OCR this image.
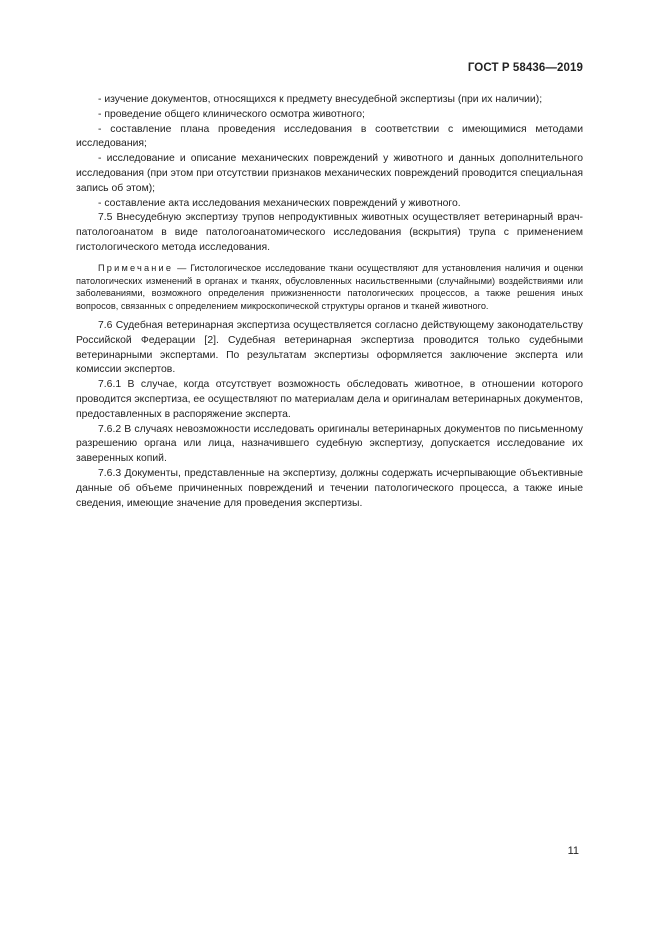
ГОСТ Р 58436—2019

- изучение документов, относящихся к предмету внесудебной экспертизы (при их наличии);

- проведение общего клинического осмотра животного;

- составление плана проведения исследования в соответствии с имеющимися методами исследования;

- исследование и описание механических повреждений у животного и данных дополнительного исследования (при этом при отсутствии признаков механических повреждений проводится специальная запись об этом);

- составление акта исследования механических повреждений у животного.

7.5 Внесудебную экспертизу трупов непродуктивных животных осуществляет ветеринарный врач-патологоанатом в виде патологоанатомического исследования (вскрытия) трупа с применением гистологического метода исследования.

Примечание — Гистологическое исследование ткани осуществляют для установления наличия и оценки патологических изменений в органах и тканях, обусловленных насильственными (случайными) воздействиями или заболеваниями, возможного определения прижизненности патологических процессов, а также решения иных вопросов, связанных с определением микроскопической структуры органов и тканей животного.

7.6 Судебная ветеринарная экспертиза осуществляется согласно действующему законодательству Российской Федерации [2]. Судебная ветеринарная экспертиза проводится только судебными ветеринарными экспертами. По результатам экспертизы оформляется заключение эксперта или комиссии экспертов.

7.6.1 В случае, когда отсутствует возможность обследовать животное, в отношении которого проводится экспертиза, ее осуществляют по материалам дела и оригиналам ветеринарных документов, предоставленных в распоряжение эксперта.

7.6.2 В случаях невозможности исследовать оригиналы ветеринарных документов по письменному разрешению органа или лица, назначившего судебную экспертизу, допускается исследование их заверенных копий.

7.6.3 Документы, представленные на экспертизу, должны содержать исчерпывающие объективные данные об объеме причиненных повреждений и течении патологического процесса, а также иные сведения, имеющие значение для проведения экспертизы.

11
